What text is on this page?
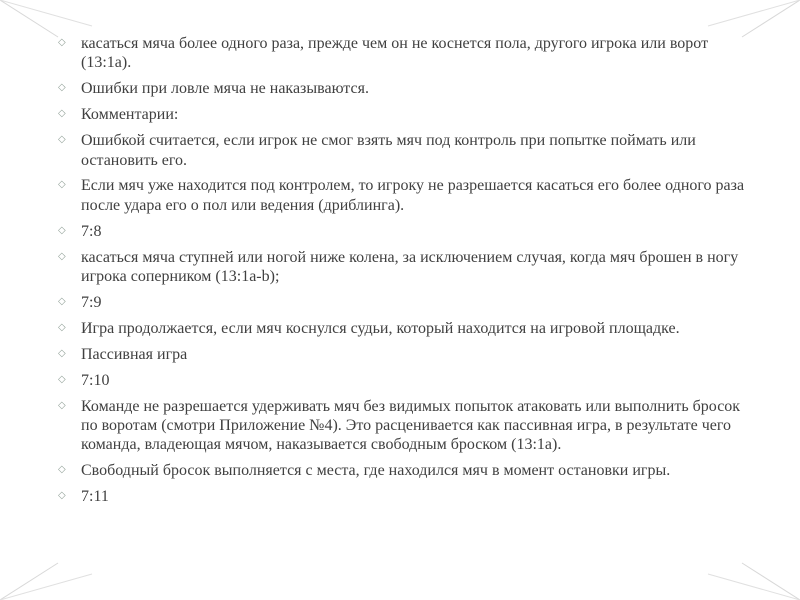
◇ касаться мяча более одного раза, прежде чем он не коснется пола, другого игрока или ворот (13:1a).
◇ Ошибки при ловле мяча не наказываются.
◇ Комментарии:
◇ Ошибкой считается, если игрок не смог взять мяч под контроль при попытке поймать или остановить его.
◇ Если мяч уже находится под контролем, то игроку не разрешается касаться его более одного раза после удара его о пол или ведения (дриблинга).
◇ 7:8
◇ касаться мяча ступней или ногой ниже колена, за исключением случая, когда мяч брошен в ногу игрока соперником (13:1a-b);
◇ 7:9
◇ Игра продолжается, если мяч коснулся судьи, который находится на игровой площадке.
◇ Пассивная игра
◇ 7:10
◇ Команде не разрешается удерживать мяч без видимых попыток атаковать или выполнить бросок по воротам (смотри Приложение №4). Это расценивается как пассивная игра, в результате чего команда, владеющая мячом, наказывается свободным броском (13:1a).
◇ Свободный бросок выполняется с места, где находился мяч в момент остановки игры.
◇ 7:11
